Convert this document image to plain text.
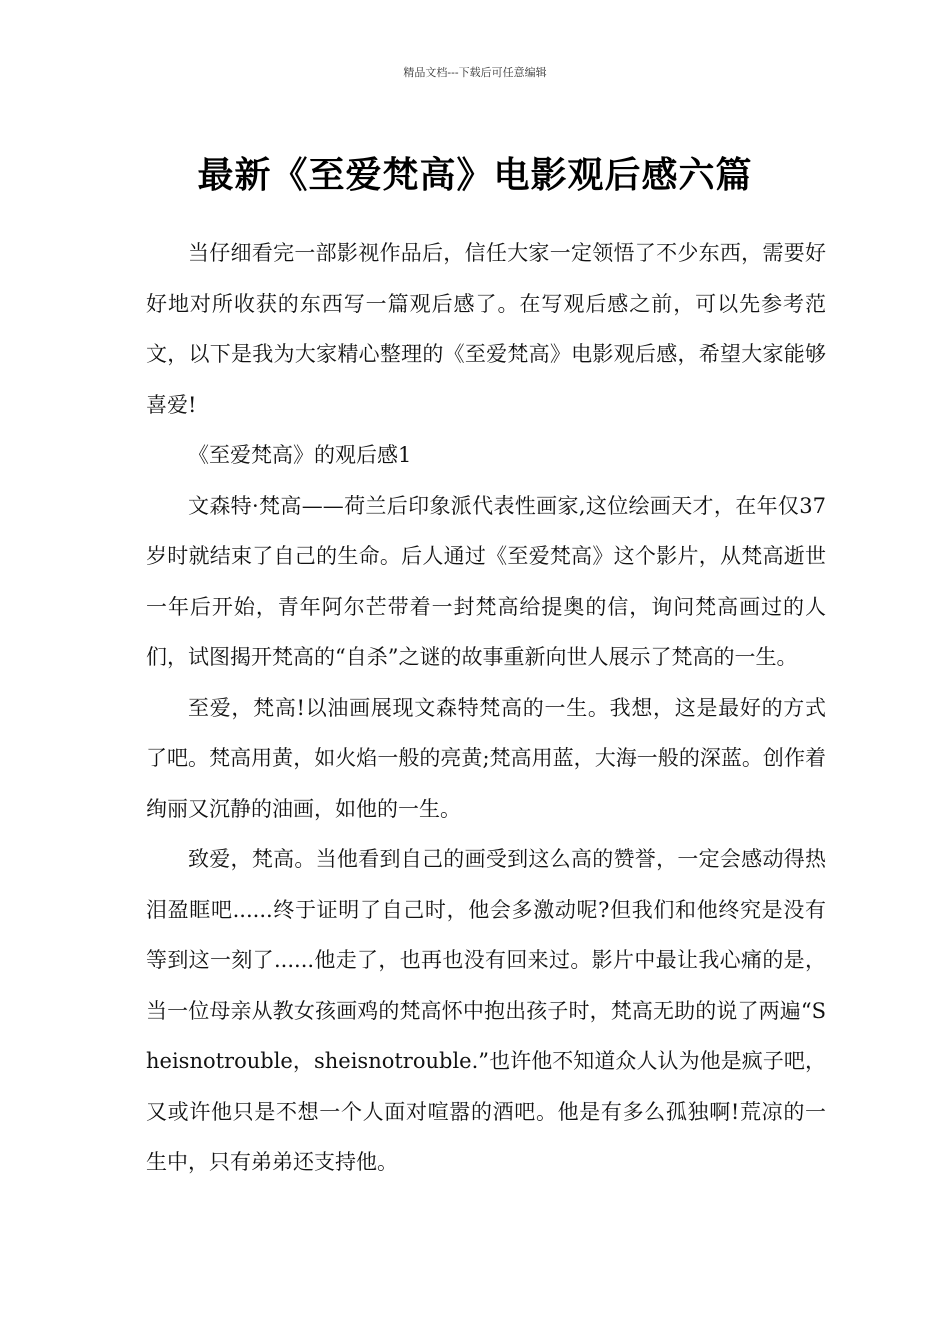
精品文档---下载后可任意编辑
最新《至爱梵高》电影观后感六篇

当仔细看完一部影视作品后，信任大家一定领悟了不少东西，需要好好地对所收获的东西写一篇观后感了。在写观后感之前，可以先参考范文，以下是我为大家精心整理的《至爱梵高》电影观后感，希望大家能够喜爱!

《至爱梵高》的观后感1

文森特·梵高——荷兰后印象派代表性画家,这位绘画天才，在年仅37岁时就结束了自己的生命。后人通过《至爱梵高》这个影片，从梵高逝世一年后开始，青年阿尔芒带着一封梵高给提奥的信，询问梵高画过的人们，试图揭开梵高的“自杀”之谜的故事重新向世人展示了梵高的一生。

至爱，梵高!以油画展现文森特梵高的一生。我想，这是最好的方式了吧。梵高用黄，如火焰一般的亮黄;梵高用蓝，大海一般的深蓝。创作着绚丽又沉静的油画，如他的一生。

致爱，梵高。当他看到自己的画受到这么高的赞誉，一定会感动得热泪盈眶吧......终于证明了自己时，他会多激动呢?但我们和他终究是没有等到这一刻了......他走了，也再也没有回来过。影片中最让我心痛的是，当一位母亲从教女孩画鸡的梵高怀中抱出孩子时，梵高无助的说了两遍“Sheisnotrouble，sheisnotrouble.”也许他不知道众人认为他是疯子吧，又或许他只是不想一个人面对喧嚣的酒吧。他是有多么孤独啊!荒凉的一生中，只有弟弟还支持他。
